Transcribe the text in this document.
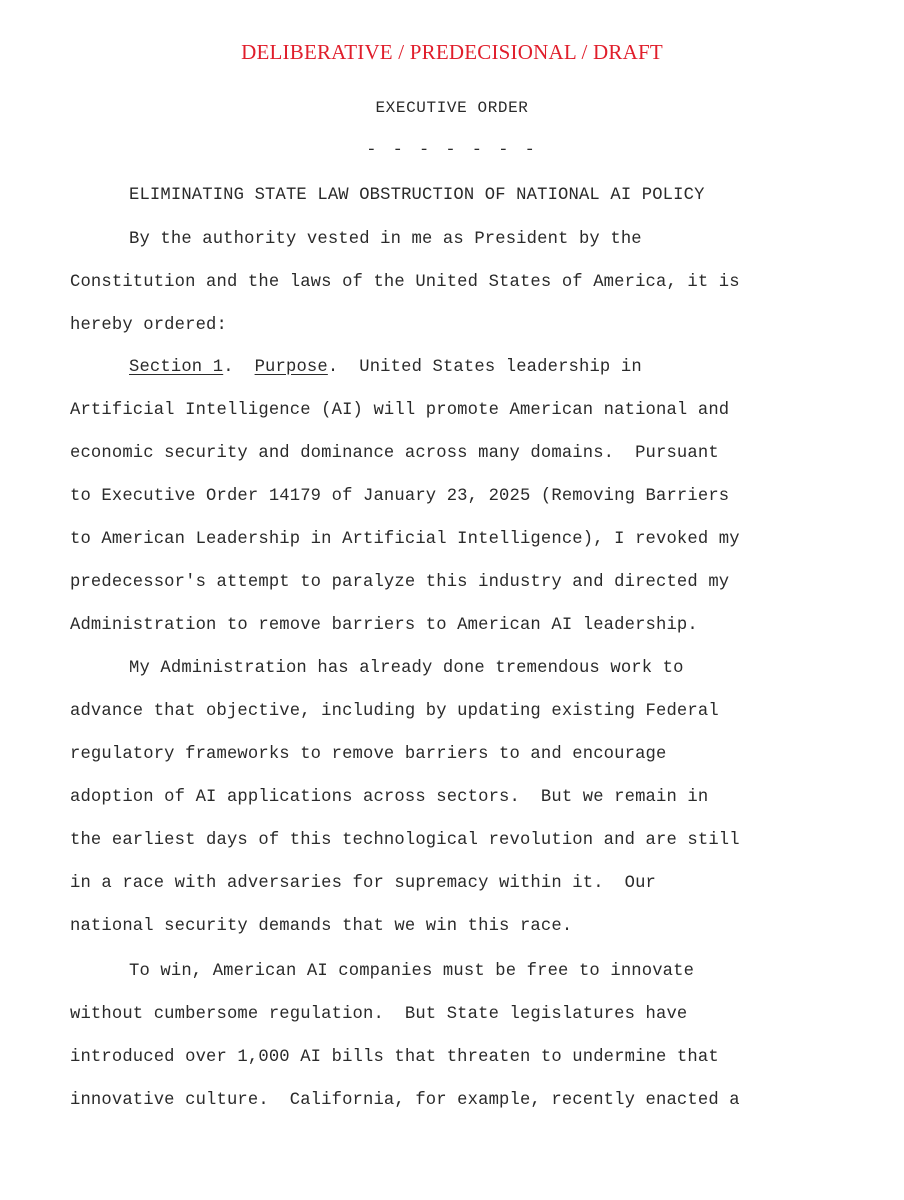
DELIBERATIVE / PREDECISIONAL / DRAFT
EXECUTIVE ORDER
- - - - - - -
ELIMINATING STATE LAW OBSTRUCTION OF NATIONAL AI POLICY
By the authority vested in me as President by the
Constitution and the laws of the United States of America, it is
hereby ordered:
Section 1.  Purpose.  United States leadership in
Artificial Intelligence (AI) will promote American national and
economic security and dominance across many domains.  Pursuant
to Executive Order 14179 of January 23, 2025 (Removing Barriers
to American Leadership in Artificial Intelligence), I revoked my
predecessor's attempt to paralyze this industry and directed my
Administration to remove barriers to American AI leadership.
My Administration has already done tremendous work to
advance that objective, including by updating existing Federal
regulatory frameworks to remove barriers to and encourage
adoption of AI applications across sectors.  But we remain in
the earliest days of this technological revolution and are still
in a race with adversaries for supremacy within it.  Our
national security demands that we win this race.
To win, American AI companies must be free to innovate
without cumbersome regulation.  But State legislatures have
introduced over 1,000 AI bills that threaten to undermine that
innovative culture.  California, for example, recently enacted a
